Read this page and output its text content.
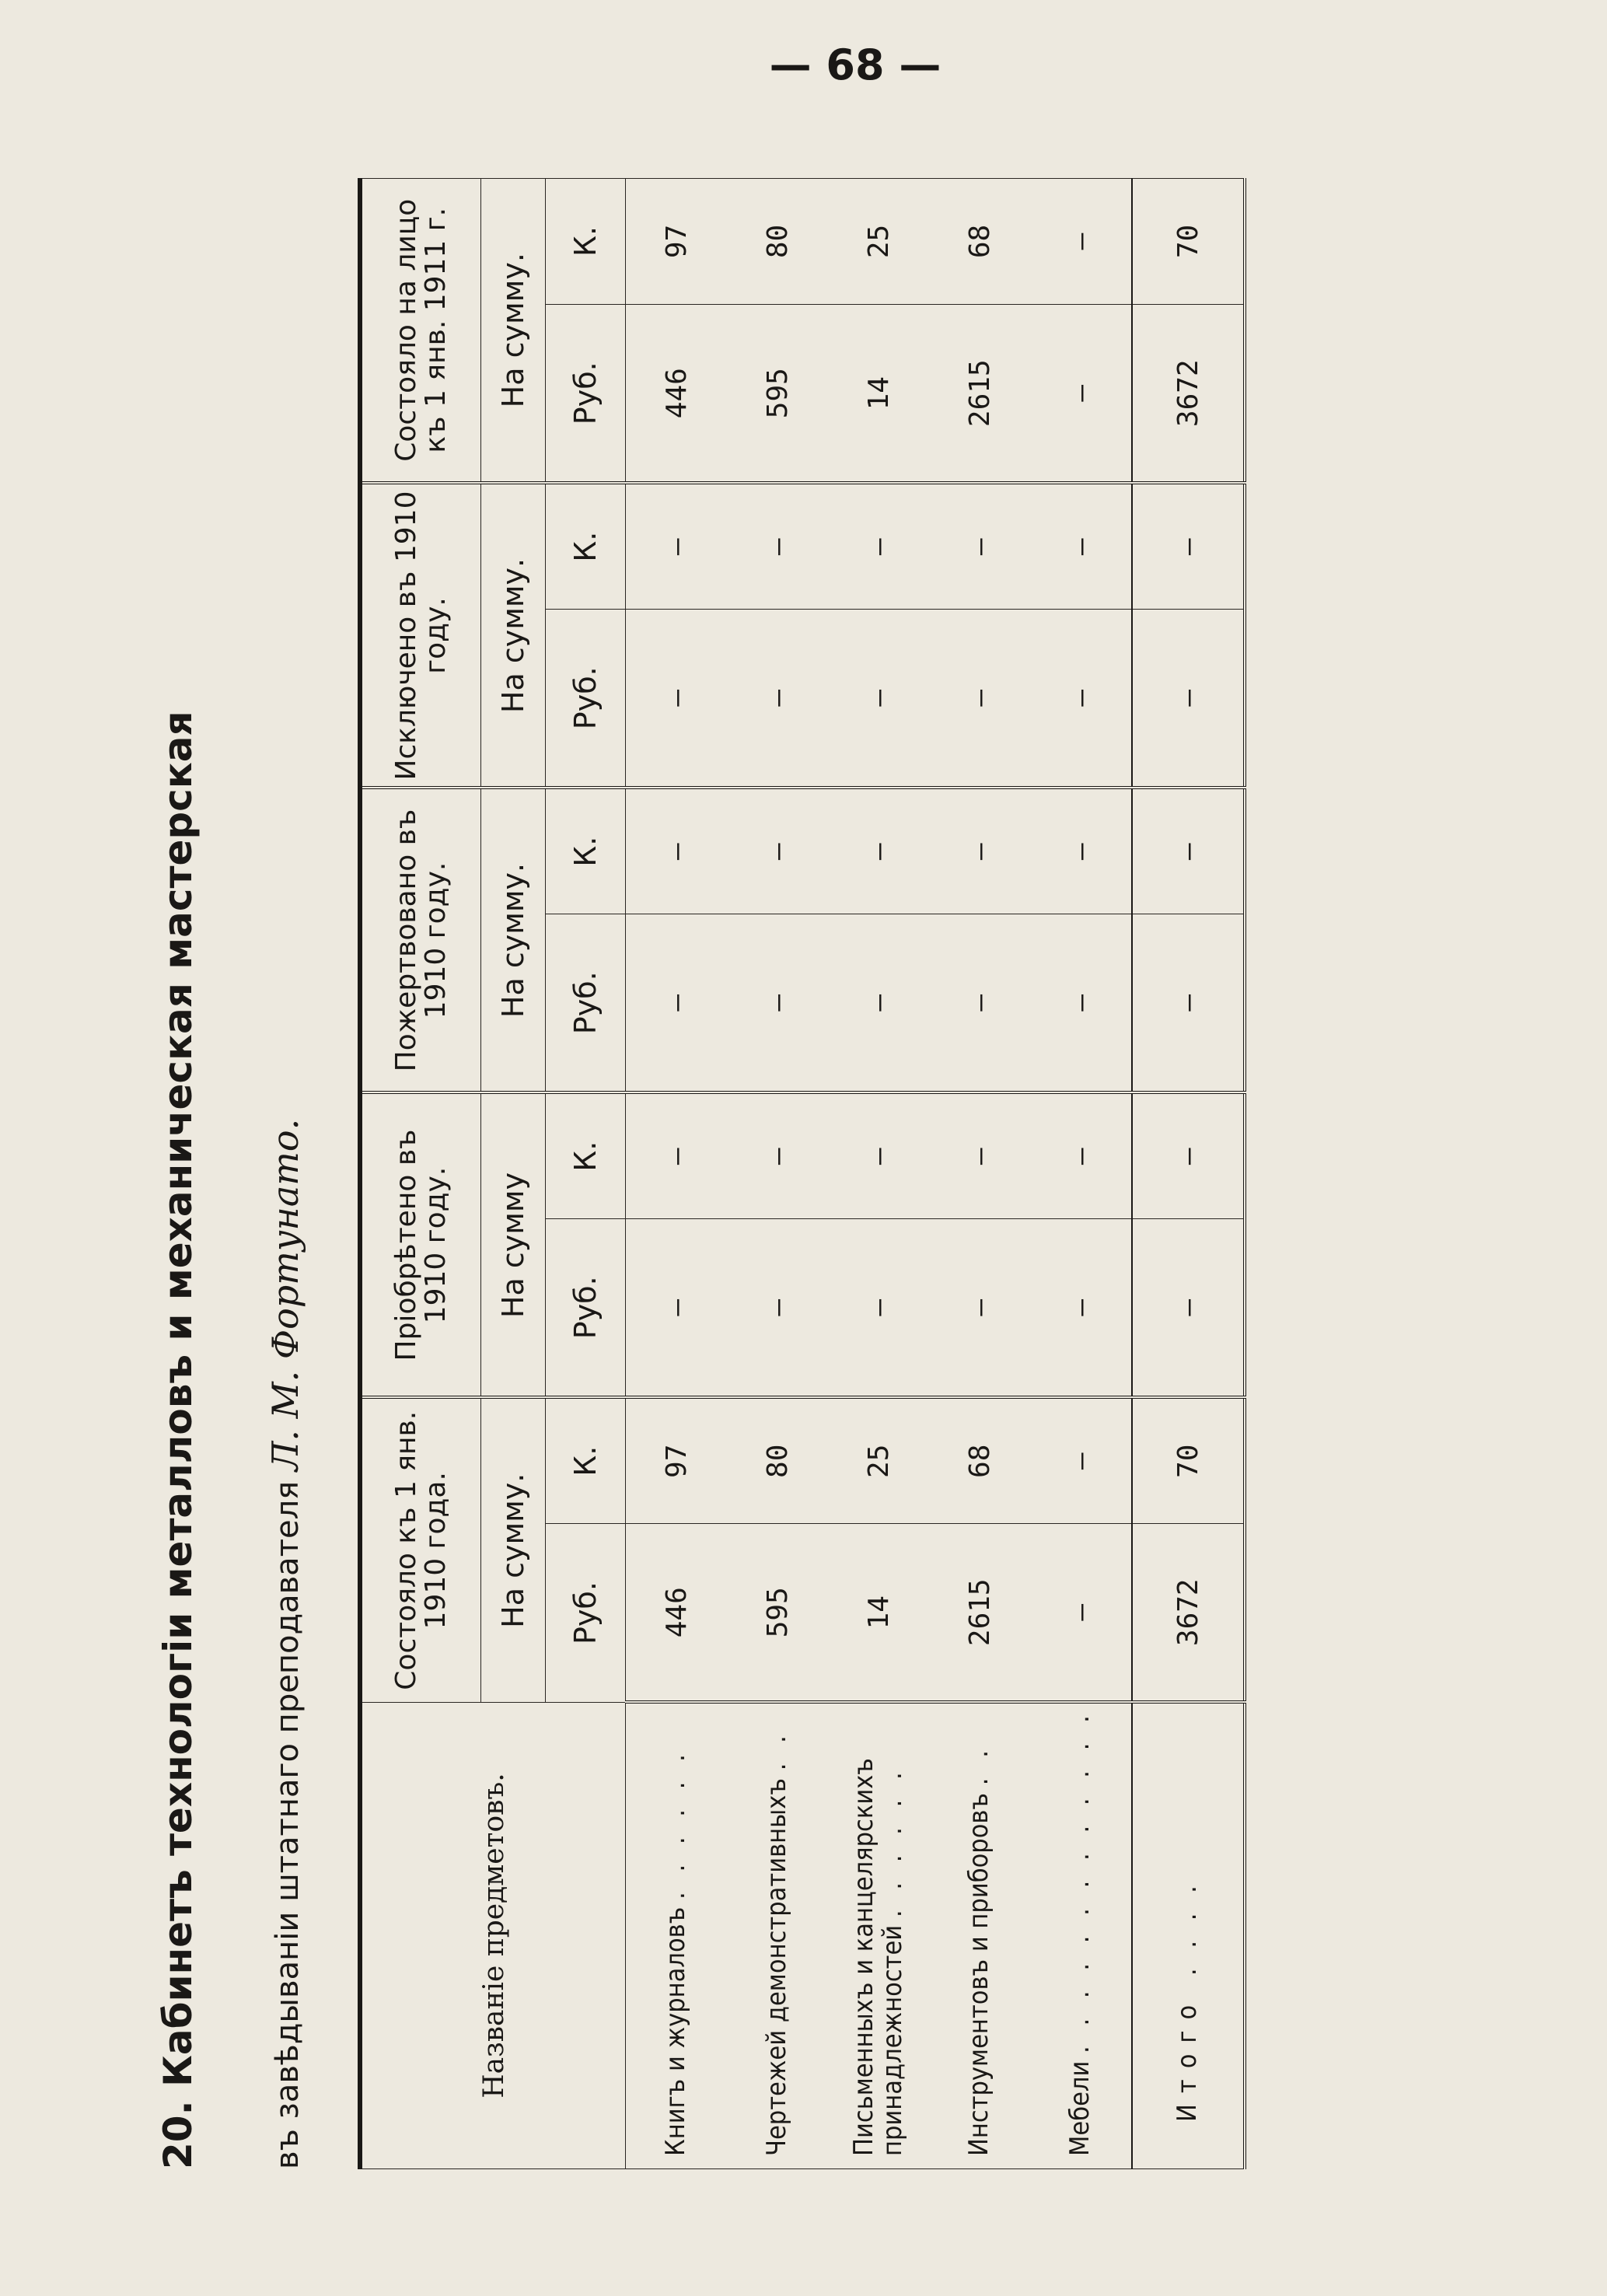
— 68 —
20. Кабинетъ технологіи металловъ и механическая мастерская въ завѣдываніи штатнаго преподавателя Л. М. Фортунато.
Названіе предметовъ.	Состояло къ 1 янв. 1910 года.		Пріобрѣтено въ 1910 году.		Пожертвовано въ 1910 году.		Исключено въ 1910 году.		Состояло на лицо къ 1 янв. 1911 г.	
	На сумму.		На сумму		На сумму.		На сумму.		На сумму.	
	Руб.	К.	Руб.	К.	Руб.	К.	Руб.	К.	Руб.	К.
Книгъ и журналовъ . . . . . .	446	97	—	—	—	—	—	—	446	97
Чертежей демонстративныхъ . .	595	80	—	—	—	—	—	—	595	80
Письменныхъ и канцелярскихъ принадлежностей . . . . . .	14	25	—	—	—	—	—	—	14	25
Инструментовъ и приборовъ . .	2615	68	—	—	—	—	—	—	2615	68
Мебели . . . . . . . . . . . . .	—	—	—	—	—	—	—	—	—	—
Итого . . . .	3672	70	—	—	—	—	—	—	3672	70
